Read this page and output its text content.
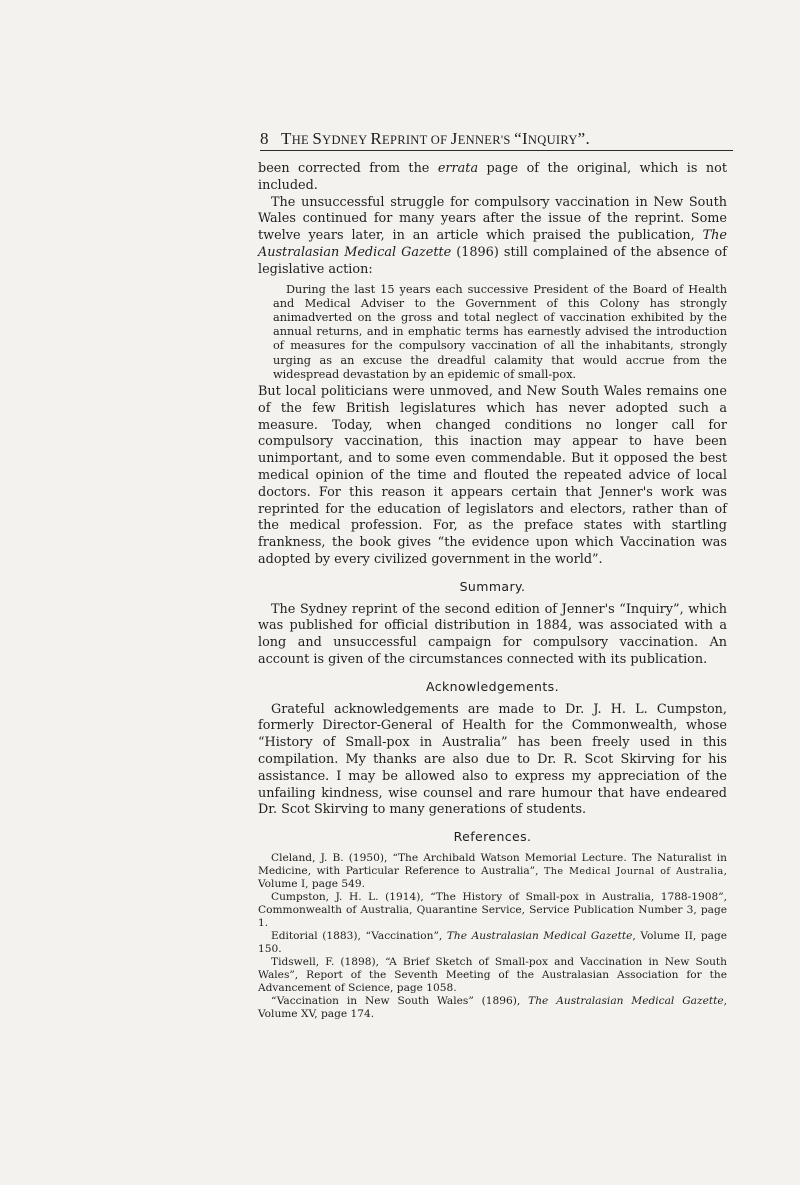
8 THE SYDNEY REPRINT OF JENNER'S “INQUIRY”.

been corrected from the errata page of the original, which is not included.

The unsuccessful struggle for compulsory vaccination in New South Wales continued for many years after the issue of the reprint. Some twelve years later, in an article which praised the publication, The Australasian Medical Gazette (1896) still complained of the absence of legislative action:

During the last 15 years each successive President of the Board of Health and Medical Adviser to the Government of this Colony has strongly animadverted on the gross and total neglect of vaccination exhibited by the annual returns, and in emphatic terms has earnestly advised the introduction of measures for the compulsory vaccination of all the inhabitants, strongly urging as an excuse the dreadful calamity that would accrue from the widespread devastation by an epidemic of small-pox.

But local politicians were unmoved, and New South Wales remains one of the few British legislatures which has never adopted such a measure. Today, when changed conditions no longer call for compulsory vaccination, this inaction may appear to have been unimportant, and to some even commendable. But it opposed the best medical opinion of the time and flouted the repeated advice of local doctors. For this reason it appears certain that Jenner's work was reprinted for the education of legislators and electors, rather than of the medical profession. For, as the preface states with startling frankness, the book gives “the evidence upon which Vaccination was adopted by every civilized government in the world”.

Summary.

The Sydney reprint of the second edition of Jenner's “Inquiry”, which was published for official distribution in 1884, was associated with a long and unsuccessful campaign for compulsory vaccination. An account is given of the circumstances connected with its publication.

Acknowledgements.

Grateful acknowledgements are made to Dr. J. H. L. Cumpston, formerly Director-General of Health for the Commonwealth, whose “History of Small-pox in Australia” has been freely used in this compilation. My thanks are also due to Dr. R. Scot Skirving for his assistance. I may be allowed also to express my appreciation of the unfailing kindness, wise counsel and rare humour that have endeared Dr. Scot Skirving to many generations of students.

References.

Cleland, J. B. (1950), “The Archibald Watson Memorial Lecture. The Naturalist in Medicine, with Particular Reference to Australia”, The Medical Journal of Australia, Volume I, page 549.

Cumpston, J. H. L. (1914), “The History of Small-pox in Australia, 1788-1908”, Commonwealth of Australia, Quarantine Service, Service Publication Number 3, page 1.

Editorial (1883), “Vaccination”, The Australasian Medical Gazette, Volume II, page 150.

Tidswell, F. (1898), “A Brief Sketch of Small-pox and Vaccination in New South Wales”, Report of the Seventh Meeting of the Australasian Association for the Advancement of Science, page 1058.

“Vaccination in New South Wales” (1896), The Australasian Medical Gazette, Volume XV, page 174.
